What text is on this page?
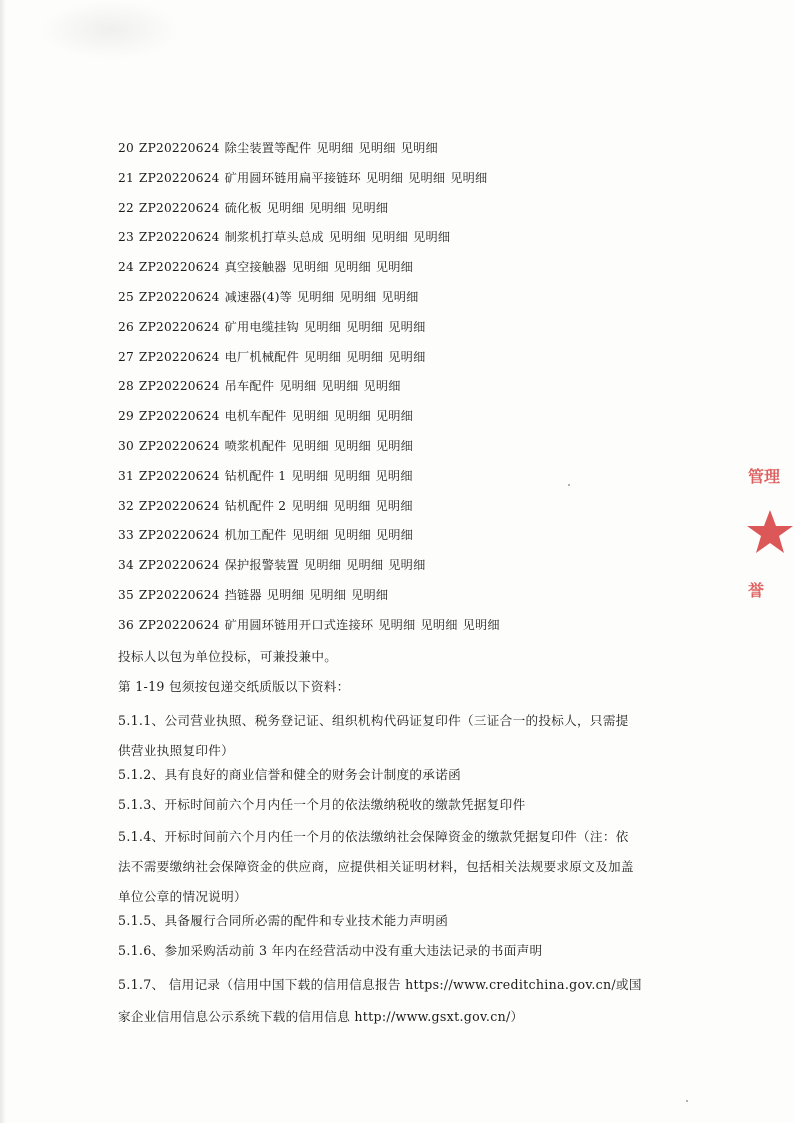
20 ZP20220624 除尘装置等配件 见明细 见明细 见明细
21 ZP20220624 矿用圆环链用扁平接链环 见明细 见明细 见明细
22 ZP20220624 硫化板 见明细 见明细 见明细
23 ZP20220624 制浆机打草头总成 见明细 见明细 见明细
24 ZP20220624 真空接触器 见明细 见明细 见明细
25 ZP20220624 减速器(4)等 见明细 见明细 见明细
26 ZP20220624 矿用电缆挂钩 见明细 见明细 见明细
27 ZP20220624 电厂机械配件 见明细 见明细 见明细
28 ZP20220624 吊车配件 见明细 见明细 见明细
29 ZP20220624 电机车配件 见明细 见明细 见明细
30 ZP20220624 喷浆机配件 见明细 见明细 见明细
31 ZP20220624 钻机配件 1 见明细 见明细 见明细
32 ZP20220624 钻机配件 2 见明细 见明细 见明细
33 ZP20220624 机加工配件 见明细 见明细 见明细
34 ZP20220624 保护报警装置 见明细 见明细 见明细
35 ZP20220624 挡链器 见明细 见明细 见明细
36 ZP20220624 矿用圆环链用开口式连接环 见明细 见明细 见明细
投标人以包为单位投标，可兼投兼中。
第 1-19 包须按包递交纸质版以下资料：
5.1.1、公司营业执照、税务登记证、组织机构代码证复印件（三证合一的投标人，只需提
供营业执照复印件）
5.1.2、具有良好的商业信誉和健全的财务会计制度的承诺函
5.1.3、开标时间前六个月内任一个月的依法缴纳税收的缴款凭据复印件
5.1.4、开标时间前六个月内任一个月的依法缴纳社会保障资金的缴款凭据复印件（注：依
法不需要缴纳社会保障资金的供应商，应提供相关证明材料，包括相关法规要求原文及加盖
单位公章的情况说明）
5.1.5、具备履行合同所必需的配件和专业技术能力声明函
5.1.6、参加采购活动前 3 年内在经营活动中没有重大违法记录的书面声明
5.1.7、 信用记录（信用中国下载的信用信息报告 https://www.creditchina.gov.cn/或国
家企业信用信息公示系统下载的信用信息 http://www.gsxt.gov.cn/）
管理
誉
